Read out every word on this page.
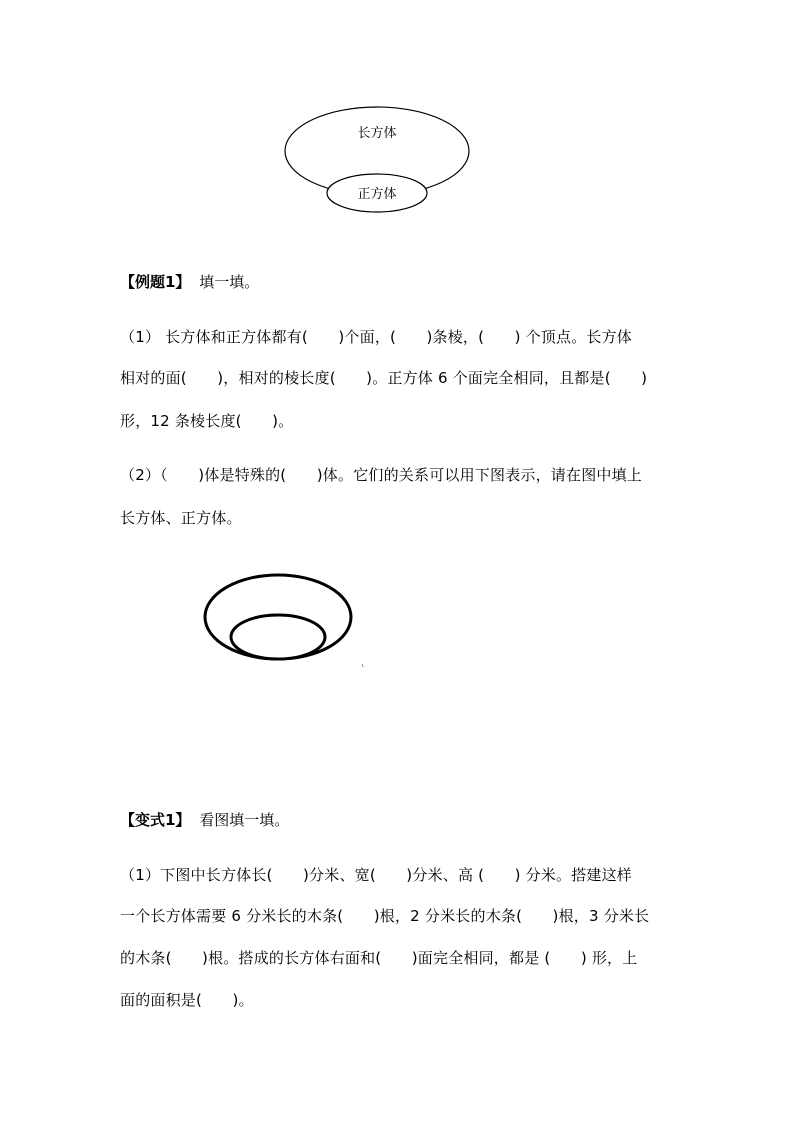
长方体
正方体
【例题1】 填一填。
（1） 长方体和正方体都有(　　)个面，(　　)条棱，(　　) 个顶点。长方体
相对的面(　　)，相对的棱长度(　　)。正方体 6 个面完全相同，且都是(　　)
形，12 条棱长度(　　)。
（2）（　　)体是特殊的(　　)体。它们的关系可以用下图表示，请在图中填上
长方体、正方体。
【变式1】 看图填一填。
（1）下图中长方体长(　　)分米、宽(　　)分米、高 (　　) 分米。搭建这样
一个长方体需要 6 分米长的木条(　　)根，2 分米长的木条(　　)根，3 分米长
的木条(　　)根。搭成的长方体右面和(　　)面完全相同，都是 (　　) 形，上
面的面积是(　　)。
